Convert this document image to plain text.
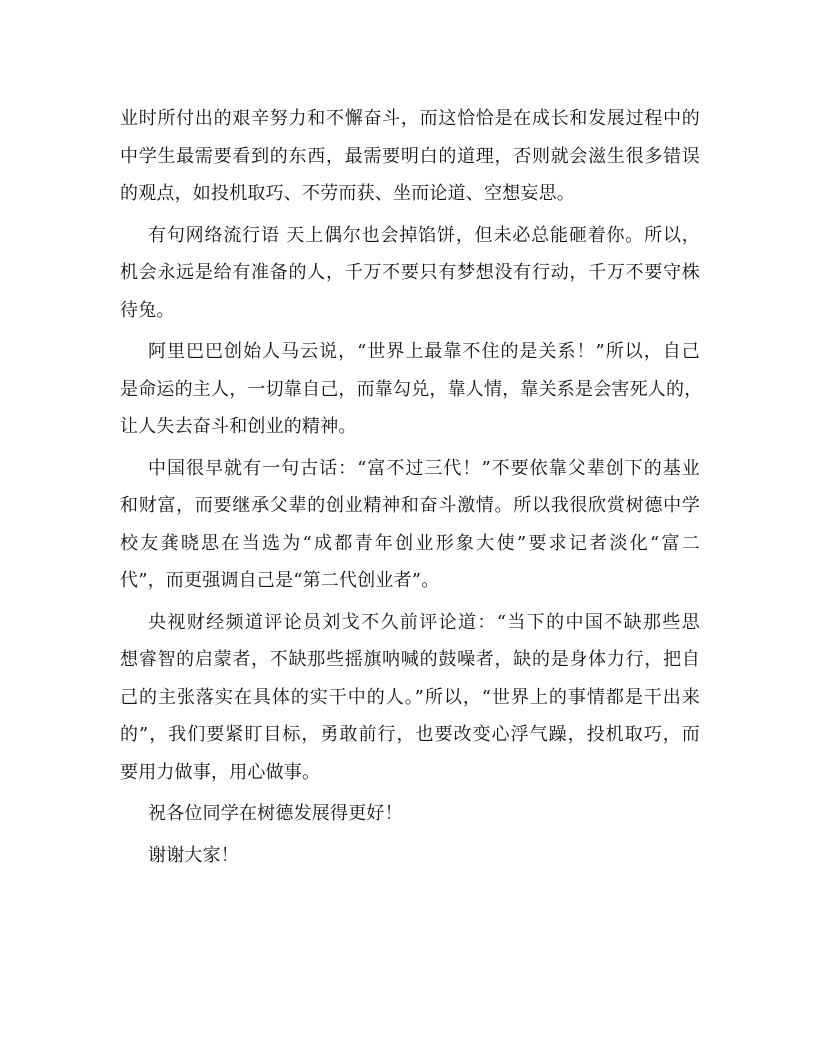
业时所付出的艰辛努力和不懈奋斗，而这恰恰是在成长和发展过程中的
中学生最需要看到的东西，最需要明白的道理，否则就会滋生很多错误
的观点，如投机取巧、不劳而获、坐而论道、空想妄思。
有句网络流行语 天上偶尔也会掉馅饼，但未必总能砸着你。所以，
机会永远是给有准备的人，千万不要只有梦想没有行动，千万不要守株
待兔。
阿里巴巴创始人马云说，“世界上最靠不住的是关系！”所以，自己
是命运的主人，一切靠自己，而靠勾兑，靠人情，靠关系是会害死人的，
让人失去奋斗和创业的精神。
中国很早就有一句古话：“富不过三代！”不要依靠父辈创下的基业
和财富，而要继承父辈的创业精神和奋斗激情。所以我很欣赏树德中学
校友龚晓思在当选为“成都青年创业形象大使”要求记者淡化“富二
代”，而更强调自己是“第二代创业者”。
央视财经频道评论员刘戈不久前评论道：“当下的中国不缺那些思
想睿智的启蒙者，不缺那些摇旗呐喊的鼓噪者，缺的是身体力行，把自
己的主张落实在具体的实干中的人。”所以，“世界上的事情都是干出来
的”，我们要紧盯目标，勇敢前行，也要改变心浮气躁，投机取巧，而
要用力做事，用心做事。
祝各位同学在树德发展得更好！
谢谢大家！
